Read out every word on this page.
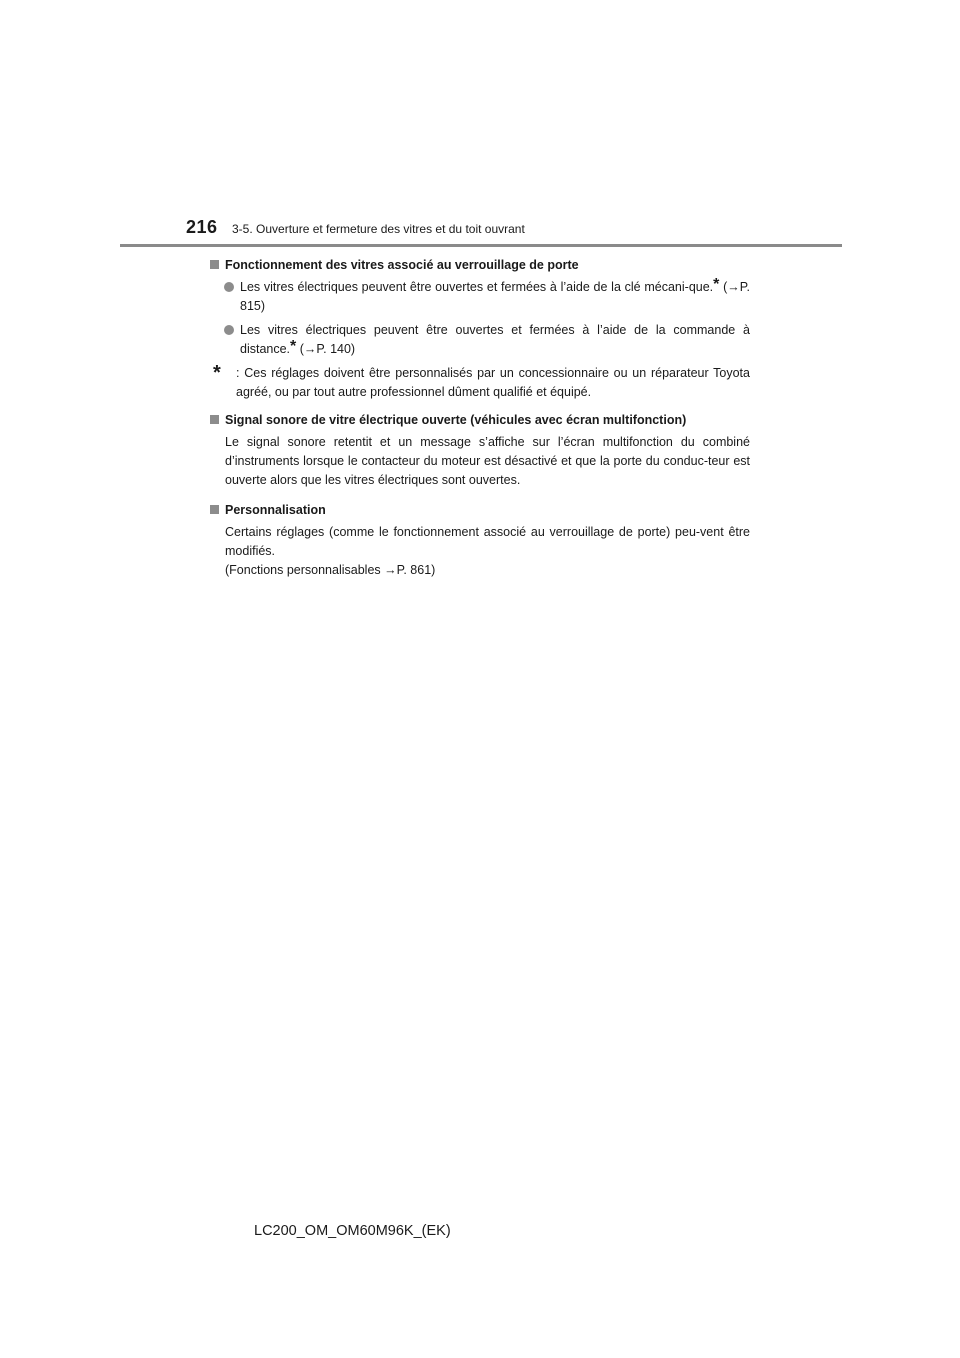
216 3-5. Ouverture et fermeture des vitres et du toit ouvrant
Fonctionnement des vitres associé au verrouillage de porte
Les vitres électriques peuvent être ouvertes et fermées à l’aide de la clé mécani-que.* (→P. 815)
Les vitres électriques peuvent être ouvertes et fermées à l’aide de la commande à distance.* (→P. 140)
* : Ces réglages doivent être personnalisés par un concessionnaire ou un réparateur Toyota agréé, ou par tout autre professionnel dûment qualifié et équipé.
Signal sonore de vitre électrique ouverte (véhicules avec écran multifonction)
Le signal sonore retentit et un message s’affiche sur l’écran multifonction du combiné d’instruments lorsque le contacteur du moteur est désactivé et que la porte du conduc-teur est ouverte alors que les vitres électriques sont ouvertes.
Personnalisation
Certains réglages (comme le fonctionnement associé au verrouillage de porte) peu-vent être modifiés.
(Fonctions personnalisables →P. 861)
LC200_OM_OM60M96K_(EK)
